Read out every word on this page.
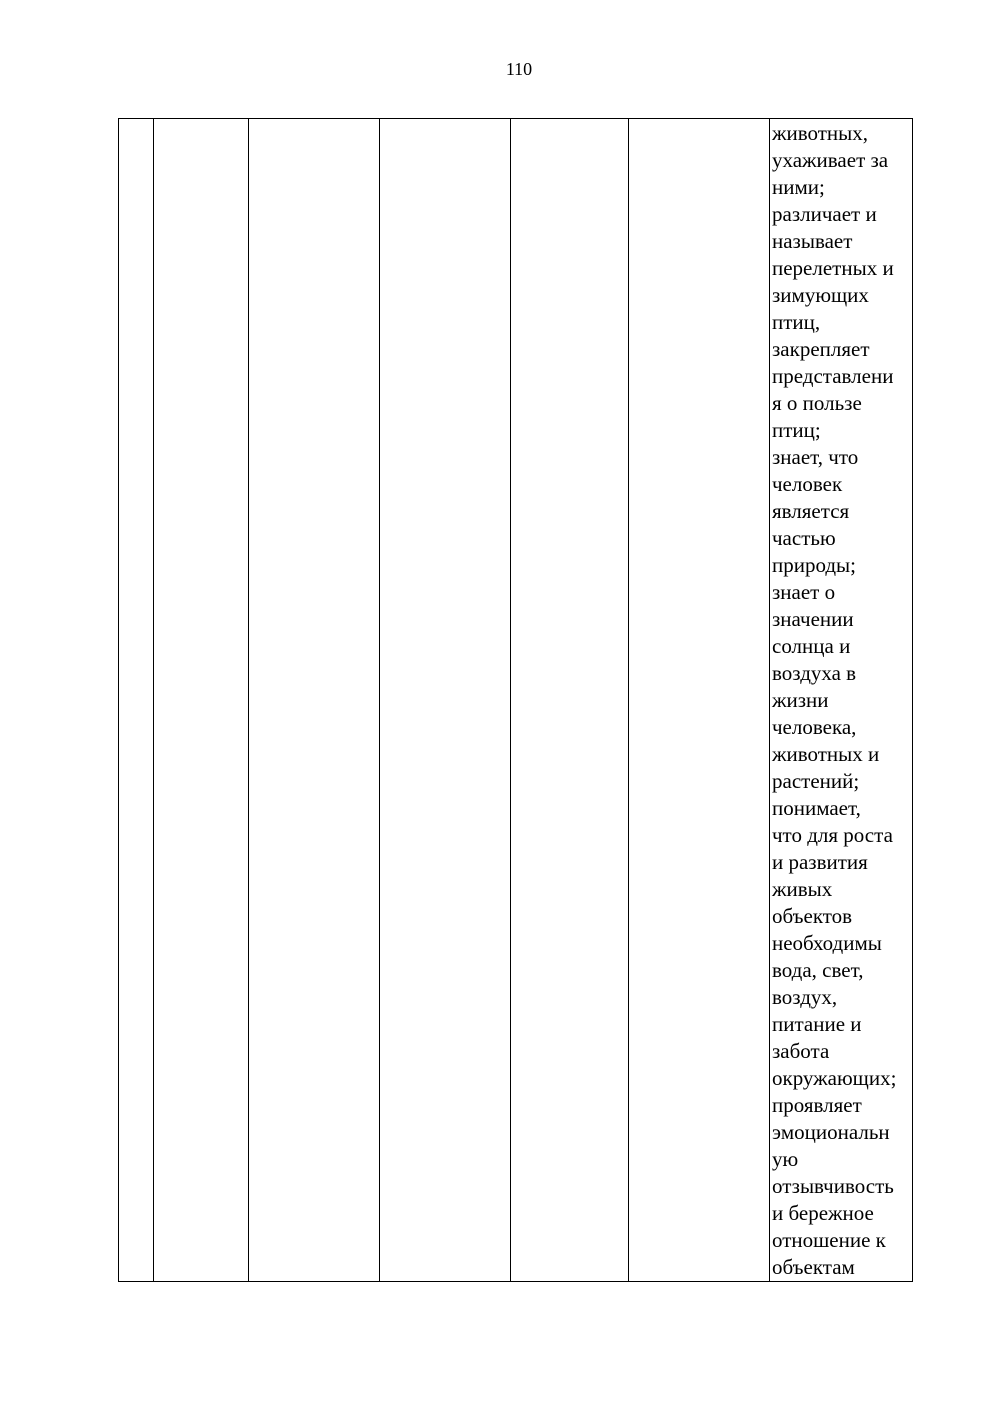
110

животных,
ухаживает за
ними;
различает и
называет
перелетных и
зимующих
птиц,
закрепляет
представлени
я о пользе
птиц;
знает, что
человек
является
частью
природы;
знает о
значении
солнца и
воздуха в
жизни
человека,
животных и
растений;
понимает,
что для роста
и развития
живых
объектов
необходимы
вода, свет,
воздух,
питание и
забота
окружающих;
проявляет
эмоциональн
ую
отзывчивость
и бережное
отношение к
объектам
